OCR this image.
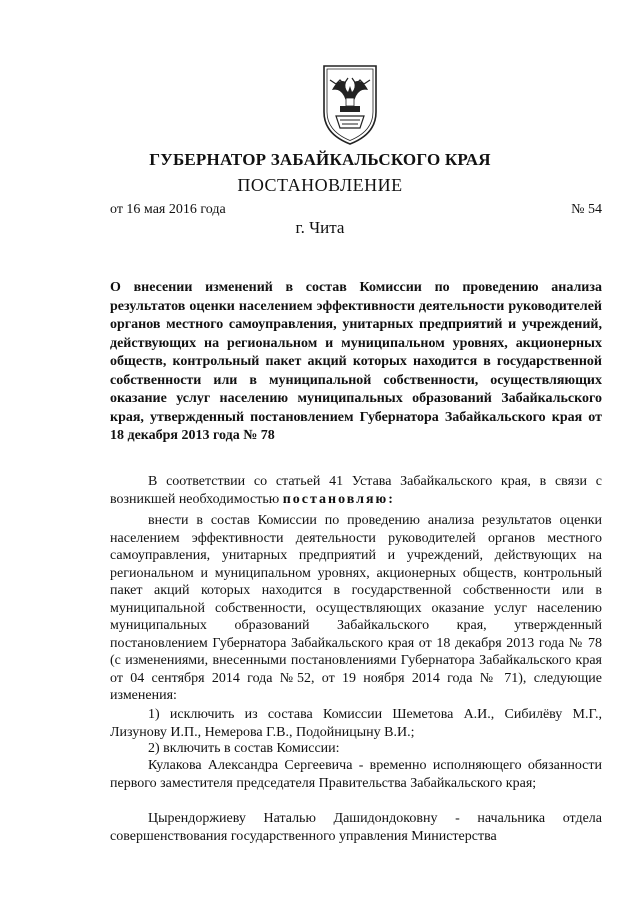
ГУБЕРНАТОР ЗАБАЙКАЛЬСКОГО КРАЯ
ПОСТАНОВЛЕНИЕ
от 16 мая 2016 года	№ 54
г. Чита
О внесении изменений в состав Комиссии по проведению анализа результатов оценки населением эффективности деятельности руководителей органов местного самоуправления, унитарных предприятий и учреждений, действующих на региональном и муниципальном уровнях, акционерных обществ, контрольный пакет акций которых находится в государственной собственности или в муниципальной собственности, осуществляющих оказание услуг населению муниципальных образований Забайкальского края, утвержденный постановлением Губернатора Забайкальского края от 18 декабря 2013 года № 78
В соответствии со статьей 41 Устава Забайкальского края, в связи с возникшей необходимостью постановляю:
внести в состав Комиссии по проведению анализа результатов оценки населением эффективности деятельности руководителей органов местного самоуправления, унитарных предприятий и учреждений, действующих на региональном и муниципальном уровнях, акционерных обществ, контрольный пакет акций которых находится в государственной собственности или в муниципальной собственности, осуществляющих оказание услуг населению муниципальных образований Забайкальского края, утвержденный постановлением Губернатора Забайкальского края от 18 декабря 2013 года № 78 (с изменениями, внесенными постановлениями Губернатора Забайкальского края от 04 сентября 2014 года №52, от 19 ноября 2014 года № 71), следующие изменения:
1) исключить из состава Комиссии Шеметова А.И., Сибилёву М.Г., Лизунову И.П., Немерова Г.В., Подойницыну В.И.;
2) включить в состав Комиссии:
Кулакова Александра Сергеевича - временно исполняющего обязанности первого заместителя председателя Правительства Забайкальского края;
Цырендоржиеву Наталью Дашидондоковну - начальника отдела совершенствования государственного управления Министерства
